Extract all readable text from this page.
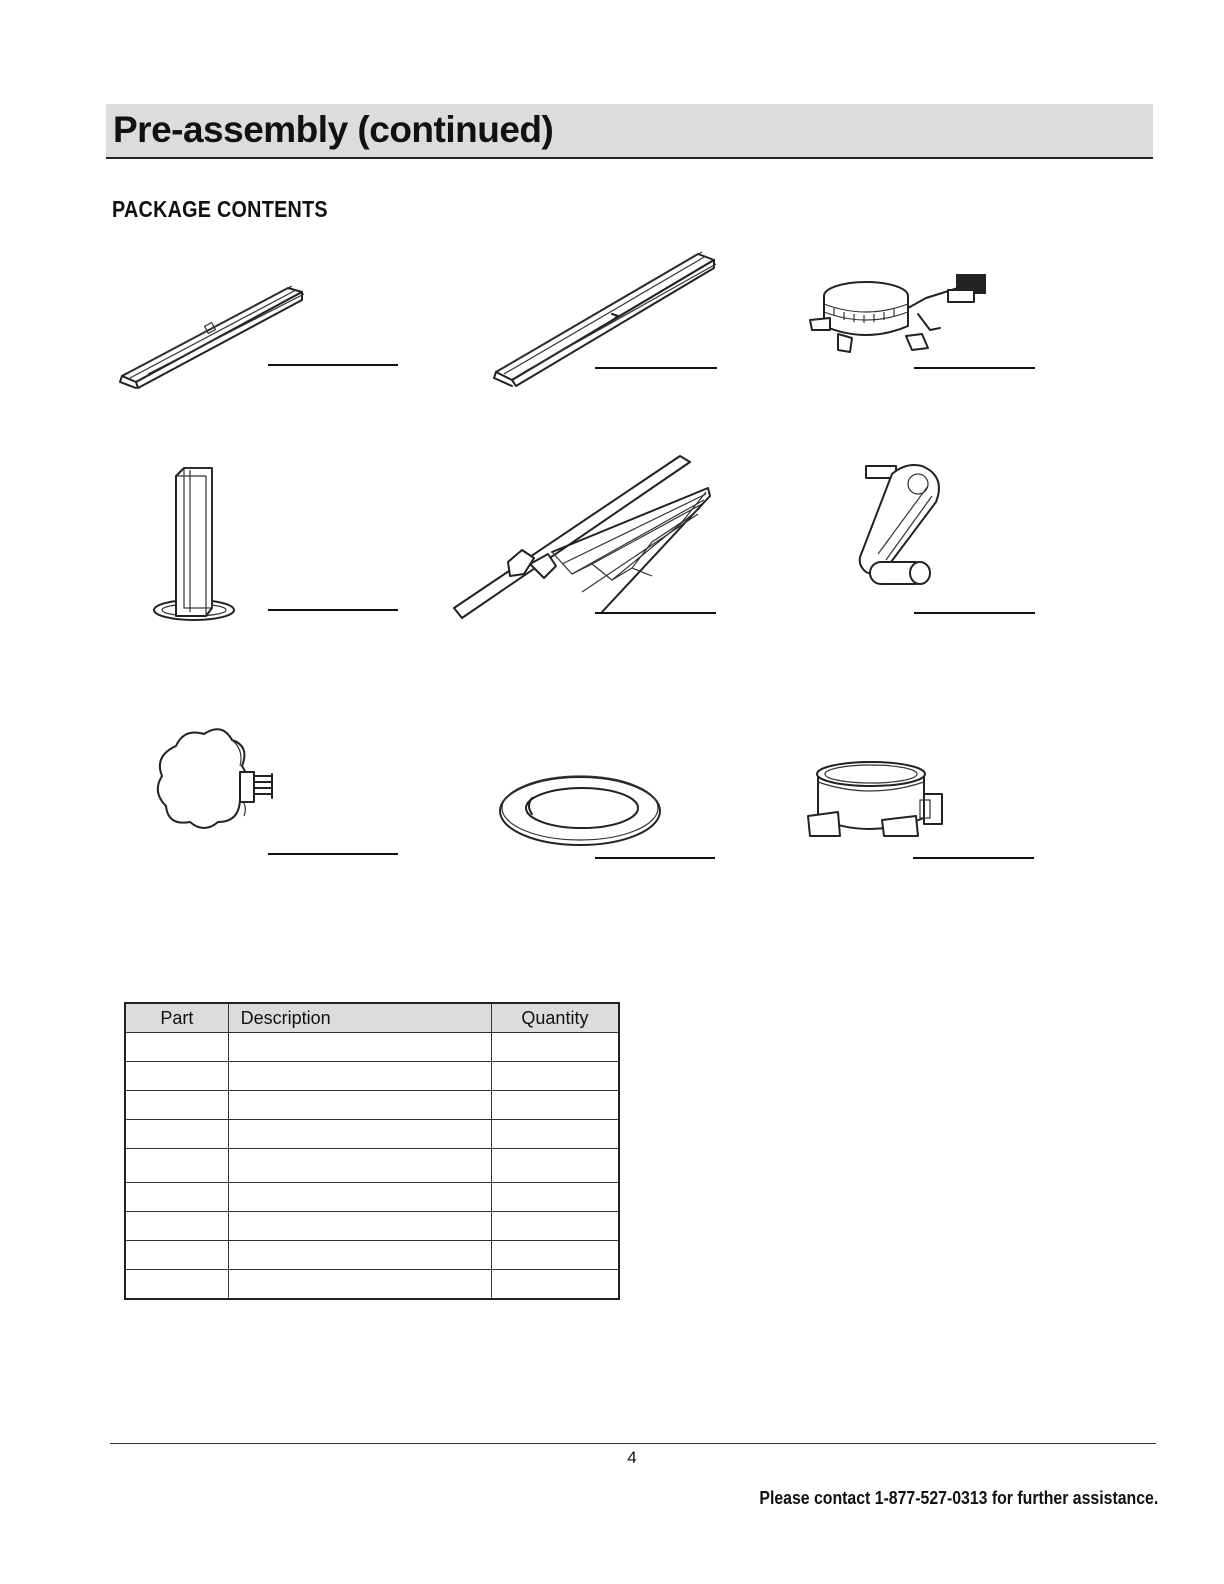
Pre-assembly (continued)
PACKAGE CONTENTS
Part	Description	Quantity

4
Please contact 1-877-527-0313 for further assistance.
